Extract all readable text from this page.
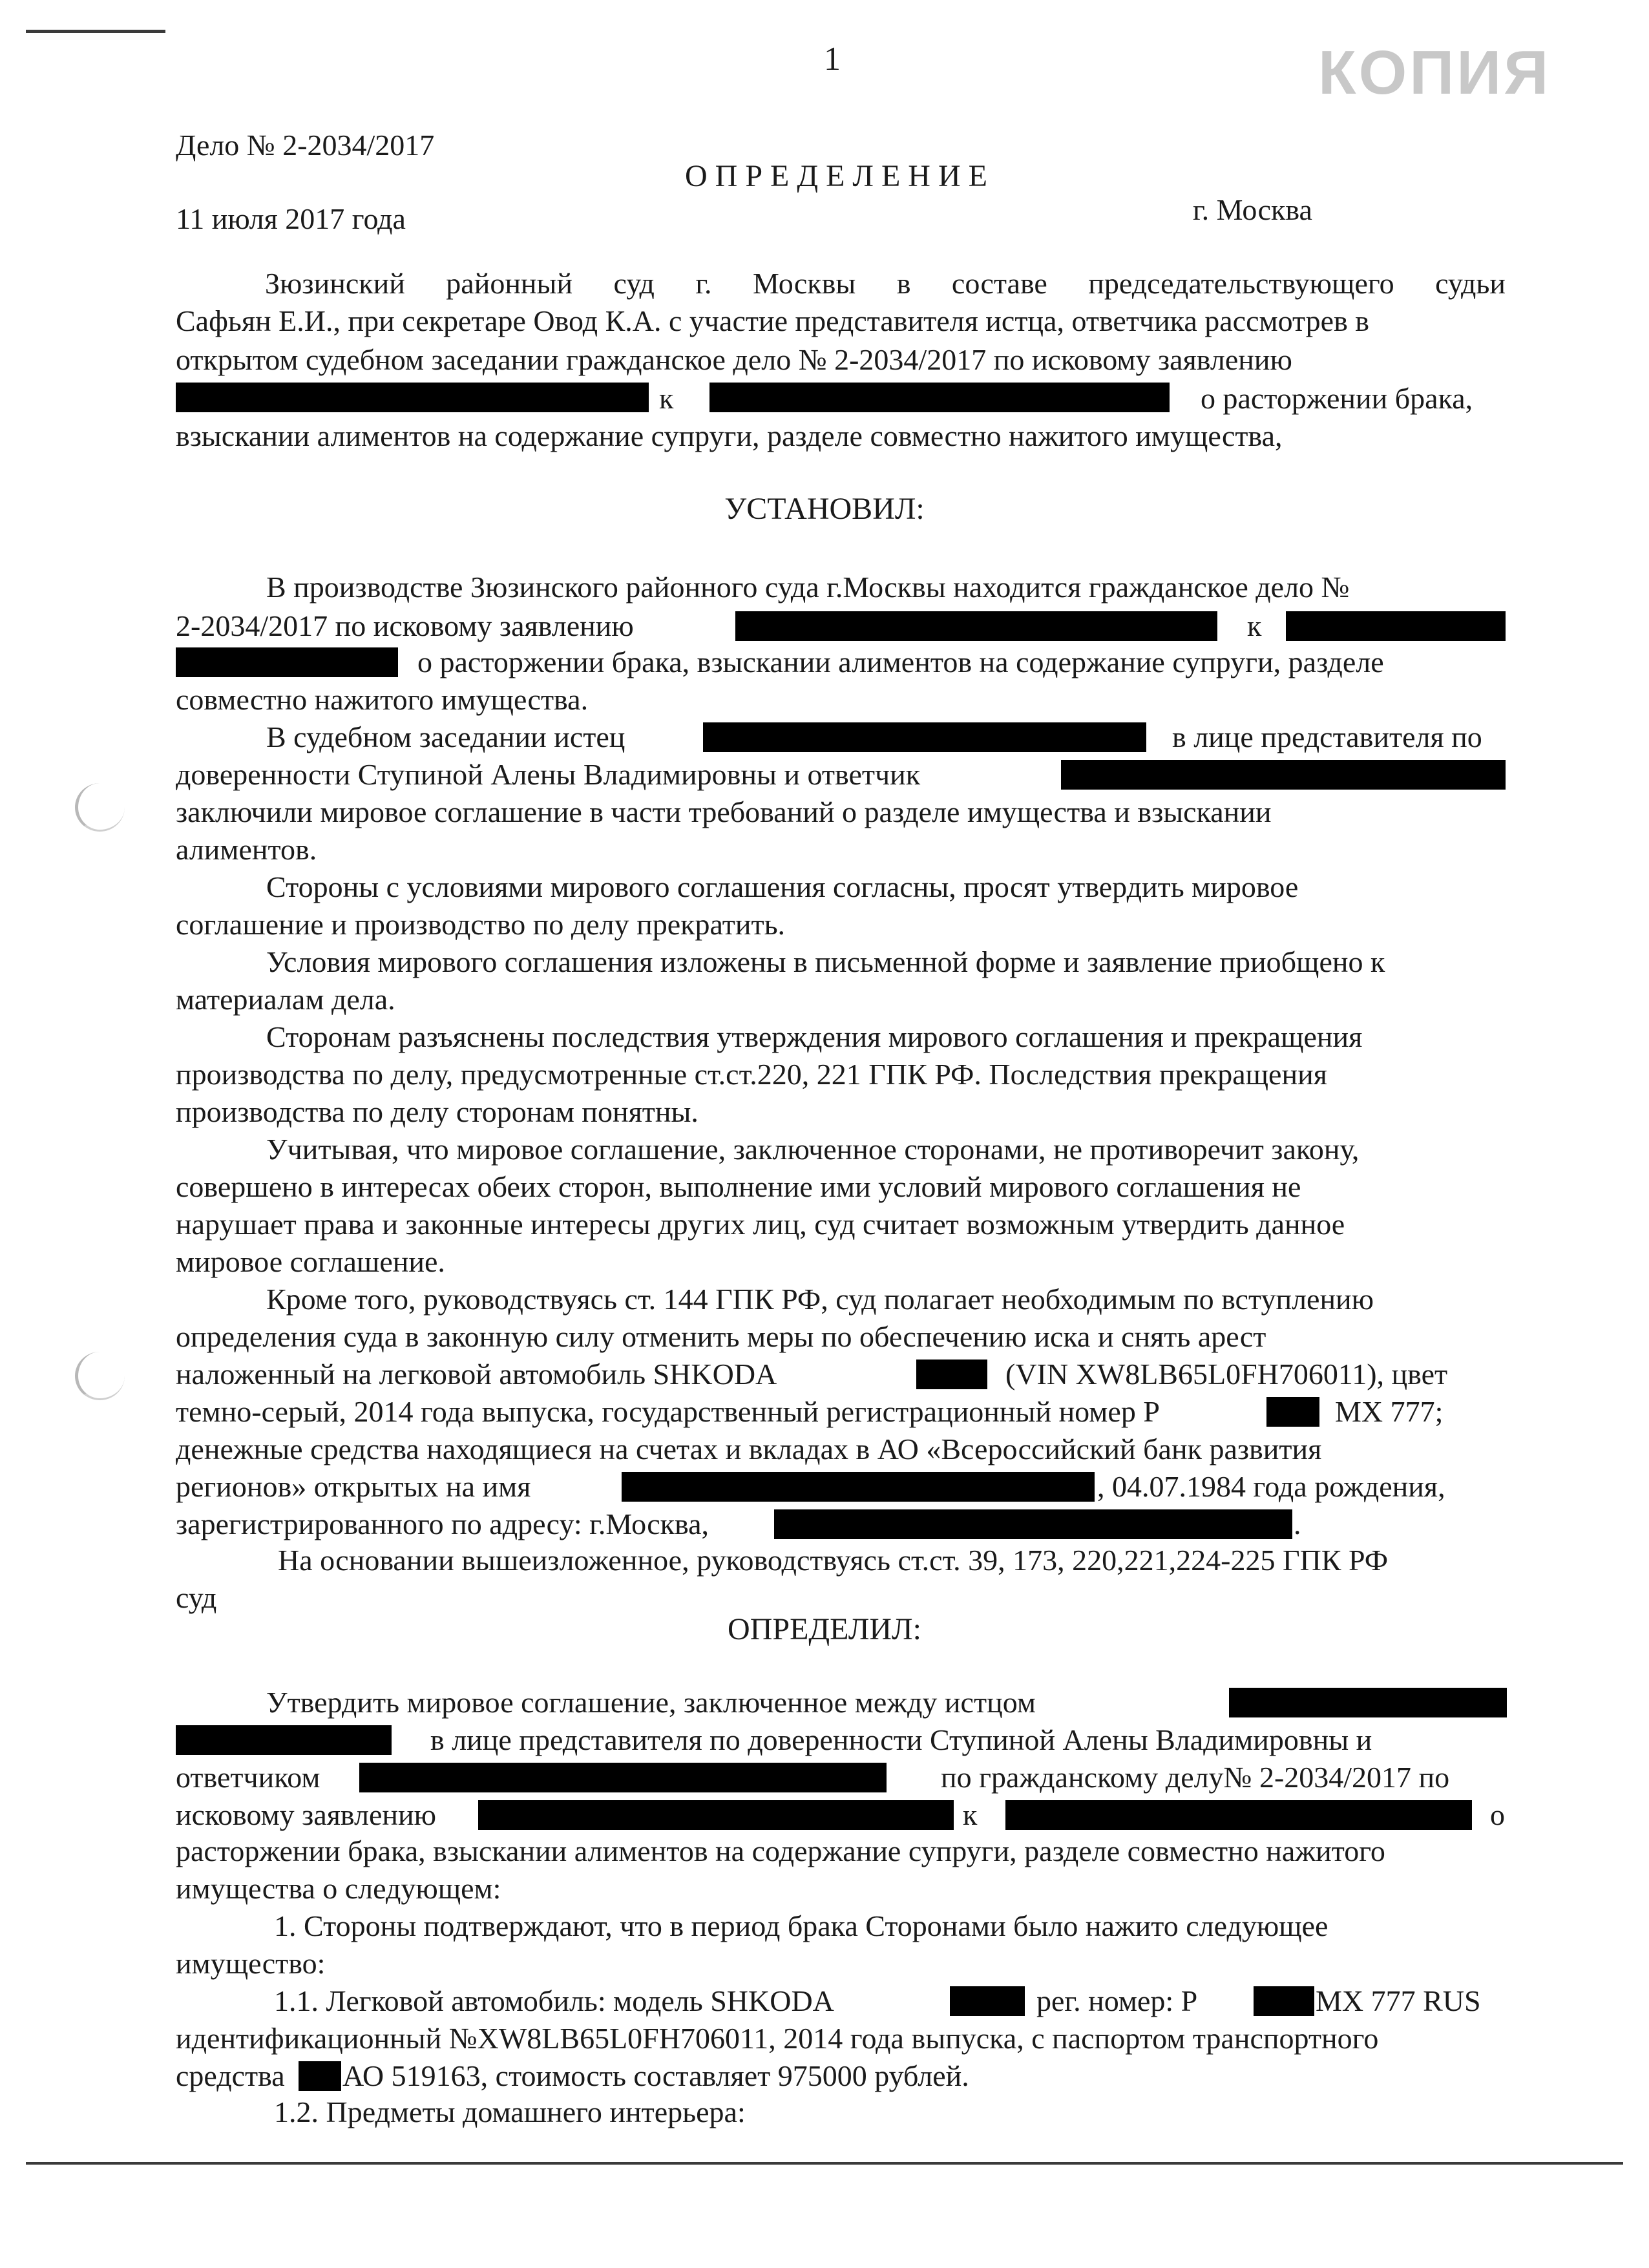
1	КОПИЯ
Дело № 2-2034/2017
О П Р Е Д Е Л Е Н И Е
11 июля 2017 года	г. Москва
Зюзинский районный суд г. Москвы в составе председательствующего судьи
Сафьян Е.И., при секретаре Овод К.А. с участие представителя истца, ответчика рассмотрев в
открытом судебном заседании гражданское дело № 2-2034/2017 по исковому заявлению
к	о расторжении брака,
взыскании алиментов на содержание супруги, разделе совместно нажитого имущества,
УСТАНОВИЛ:
В производстве Зюзинского районного суда г.Москвы находится гражданское дело №
2-2034/2017 по исковому заявлению	к
о расторжении брака, взыскании алиментов на содержание супруги, разделе
совместно нажитого имущества.
В судебном заседании истец	в лице представителя по
доверенности Ступиной Алены Владимировны и ответчик
заключили мировое соглашение в части требований о разделе имущества и взыскании
алиментов.
Стороны с условиями мирового соглашения согласны, просят утвердить мировое
соглашение и производство по делу прекратить.
Условия мирового соглашения изложены в письменной форме и заявление приобщено к
материалам дела.
Сторонам разъяснены последствия утверждения мирового соглашения и прекращения
производства по делу, предусмотренные ст.ст.220, 221 ГПК РФ. Последствия прекращения
производства по делу сторонам понятны.
Учитывая, что мировое соглашение, заключенное сторонами, не противоречит закону,
совершено в интересах обеих сторон, выполнение ими условий мирового соглашения не
нарушает права и законные интересы других лиц, суд считает возможным утвердить данное
мировое соглашение.
Кроме того, руководствуясь ст. 144 ГПК РФ, суд полагает необходимым по вступлению
определения суда в законную силу отменить меры по обеспечению иска и снять арест
наложенный на легковой автомобиль SHKODA	(VIN XW8LB65L0FH706011), цвет
темно-серый, 2014 года выпуска, государственный регистрационный номер Р	МХ 777;
денежные средства находящиеся на счетах и вкладах в АО «Всероссийский банк развития
регионов» открытых на имя	, 04.07.1984 года рождения,
зарегистрированного по адресу: г.Москва,	.
На основании вышеизложенное, руководствуясь ст.ст. 39, 173, 220,221,224-225 ГПК РФ
суд
ОПРЕДЕЛИЛ:
Утвердить мировое соглашение, заключенное между истцом
в лице представителя по доверенности Ступиной Алены Владимировны и
ответчиком	по гражданскому делу№ 2-2034/2017 по
исковому заявлению	к	о
расторжении брака, взыскании алиментов на содержание супруги, разделе совместно нажитого
имущества о следующем:
1. Стороны подтверждают, что в период брака Сторонами было нажито следующее
имущество:
1.1. Легковой автомобиль: модель SHKODA	рег. номер: Р	МХ 777 RUS
идентификационный №XW8LB65L0FH706011, 2014 года выпуска, с паспортом транспортного
средства АО 519163, стоимость составляет 975000 рублей.
1.2. Предметы домашнего интерьера:
